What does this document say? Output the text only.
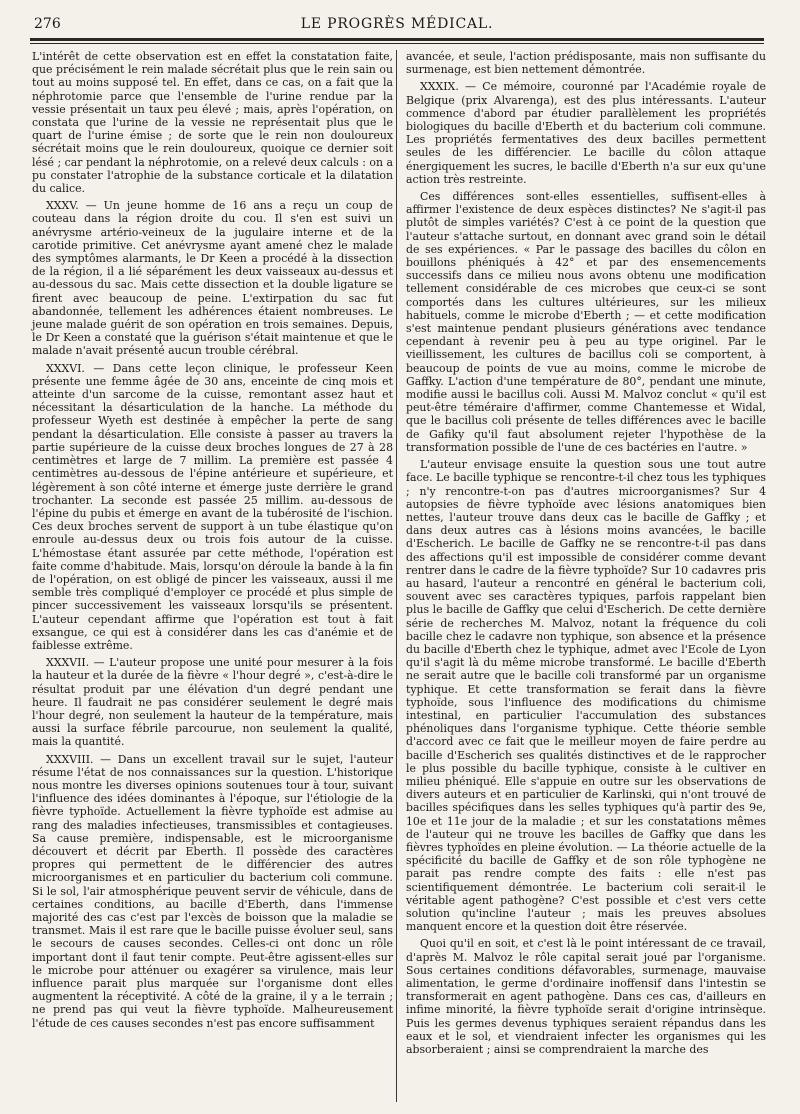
276	LE PROGRÈS MÉDICAL.

L'intérêt de cette observation est en effet la constatation faite, que précisément le rein malade sécrétait plus que le rein sain ou tout au moins supposé tel. En effet, dans ce cas, on a fait que la néphrotomie parce que l'ensemble de l'urine rendue par la vessie présentait un taux peu élevé ; mais, après l'opération, on constata que l'urine de la vessie ne représentait plus que le quart de l'urine émise ; de sorte que le rein non douloureux sécrétait moins que le rein douloureux, quoique ce dernier soit lésé ; car pendant la néphrotomie, on a relevé deux calculs : on a pu constater l'atrophie de la substance corticale et la dilatation du calice.

XXXV. — Un jeune homme de 16 ans a reçu un coup de couteau dans la région droite du cou. Il s'en est suivi un anévrysme artério-veineux de la jugulaire interne et de la carotide primitive. Cet anévrysme ayant amené chez le malade des symptômes alarmants, le Dr Keen a procédé à la dissection de la région, il a lié séparément les deux vaisseaux au-dessus et au-dessous du sac. Mais cette dissection et la double ligature se firent avec beaucoup de peine. L'extirpation du sac fut abandonnée, tellement les adhérences étaient nombreuses. Le jeune malade guérit de son opération en trois semaines. Depuis, le Dr Keen a constaté que la guérison s'était maintenue et que le malade n'avait présenté aucun trouble cérébral.

XXXVI. — Dans cette leçon clinique, le professeur Keen présente une femme âgée de 30 ans, enceinte de cinq mois et atteinte d'un sarcome de la cuisse, remontant assez haut et nécessitant la désarticulation de la hanche. La méthode du professeur Wyeth est destinée à empêcher la perte de sang pendant la désarticulation. Elle consiste à passer au travers la partie supérieure de la cuisse deux broches longues de 27 à 28 centimètres et large de 7 millim. La première est passée 4 centimètres au-dessous de l'épine antérieure et supérieure, et légèrement à son côté interne et émerge juste derrière le grand trochanter. La seconde est passée 25 millim. au-dessous de l'épine du pubis et émerge en avant de la tubérosité de l'ischion. Ces deux broches servent de support à un tube élastique qu'on enroule au-dessus deux ou trois fois autour de la cuisse. L'hémostase étant assurée par cette méthode, l'opération est faite comme d'habitude. Mais, lorsqu'on déroule la bande à la fin de l'opération, on est obligé de pincer les vaisseaux, aussi il me semble très compliqué d'employer ce procédé et plus simple de pincer successivement les vaisseaux lorsqu'ils se présentent. L'auteur cependant affirme que l'opération est tout à fait exsangue, ce qui est à considérer dans les cas d'anémie et de faiblesse extrême.

XXXVII. — L'auteur propose une unité pour mesurer à la fois la hauteur et la durée de la fièvre « l'hour degré », c'est-à-dire le résultat produit par une élévation d'un degré pendant une heure. Il faudrait ne pas considérer seulement le degré mais l'hour degré, non seulement la hauteur de la température, mais aussi la surface fébrile parcourue, non seulement la qualité, mais la quantité.

XXXVIII. — Dans un excellent travail sur le sujet, l'auteur résume l'état de nos connaissances sur la question. L'historique nous montre les diverses opinions soutenues tour à tour, suivant l'influence des idées dominantes à l'époque, sur l'étiologie de la fièvre typhoïde. Actuellement la fièvre typhoïde est admise au rang des maladies infectieuses, transmissibles et contagieuses. Sa cause première, indispensable, est le microorganisme découvert et décrit par Eberth. Il possède des caractères propres qui permettent de le différencier des autres microorganismes et en particulier du bacterium coli commune. Si le sol, l'air atmosphérique peuvent servir de véhicule, dans de certaines conditions, au bacille d'Eberth, dans l'immense majorité des cas c'est par l'excès de boisson que la maladie se transmet. Mais il est rare que le bacille puisse évoluer seul, sans le secours de causes secondes. Celles-ci ont donc un rôle important dont il faut tenir compte. Peut-être agissent-elles sur le microbe pour atténuer ou exagérer sa virulence, mais leur influence parait plus marquée sur l'organisme dont elles augmentent la réceptivité. A côté de la graine, il y a le terrain ; ne prend pas qui veut la fièvre typhoïde. Malheureusement l'étude de ces causes secondes n'est pas encore suffisamment

avancée, et seule, l'action prédisposante, mais non suffisante du surmenage, est bien nettement démontrée.

XXXIX. — Ce mémoire, couronné par l'Académie royale de Belgique (prix Alvarenga), est des plus intéressants. L'auteur commence d'abord par étudier parallèlement les propriétés biologiques du bacille d'Eberth et du bacterium coli commune. Les propriétés fermentatives des deux bacilles permettent seules de les différencier. Le bacille du côlon attaque énergiquement les sucres, le bacille d'Eberth n'a sur eux qu'une action très restreinte.

Ces différences sont-elles essentielles, suffisent-elles à affirmer l'existence de deux espèces distinctes? Ne s'agit-il pas plutôt de simples variétés? C'est à ce point de la question que l'auteur s'attache surtout, en donnant avec grand soin le détail de ses expériences. « Par le passage des bacilles du côlon en bouillons phéniqués à 42° et par des ensemencements successifs dans ce milieu nous avons obtenu une modification tellement considérable de ces microbes que ceux-ci se sont comportés dans les cultures ultérieures, sur les milieux habituels, comme le microbe d'Eberth ; — et cette modification s'est maintenue pendant plusieurs générations avec tendance cependant à revenir peu à peu au type originel. Par le vieillissement, les cultures de bacillus coli se comportent, à beaucoup de points de vue au moins, comme le microbe de Gaffky. L'action d'une température de 80°, pendant une minute, modifie aussi le bacillus coli. Aussi M. Malvoz conclut « qu'il est peut-être téméraire d'affirmer, comme Chantemesse et Widal, que le bacillus coli présente de telles différences avec le bacille de Gafiky qu'il faut absolument rejeter l'hypothèse de la transformation possible de l'une de ces bactéries en l'autre. »

L'auteur envisage ensuite la question sous une tout autre face. Le bacille typhique se rencontre-t-il chez tous les typhiques ; n'y rencontre-t-on pas d'autres microorganismes? Sur 4 autopsies de fièvre typhoïde avec lésions anatomiques bien nettes, l'auteur trouve dans deux cas le bacille de Gaffky ; et dans deux autres cas à lésions moins avancées, le bacille d'Escherich. Le bacille de Gaffky ne se rencontre-t-il pas dans des affections qu'il est impossible de considérer comme devant rentrer dans le cadre de la fièvre typhoïde? Sur 10 cadavres pris au hasard, l'auteur a rencontré en général le bacterium coli, souvent avec ses caractères typiques, parfois rappelant bien plus le bacille de Gaffky que celui d'Escherich. De cette dernière série de recherches M. Malvoz, notant la fréquence du coli bacille chez le cadavre non typhique, son absence et la présence du bacille d'Eberth chez le typhique, admet avec l'Ecole de Lyon qu'il s'agit là du même microbe transformé. Le bacille d'Eberth ne serait autre que le bacille coli transformé par un organisme typhique. Et cette transformation se ferait dans la fièvre typhoïde, sous l'influence des modifications du chimisme intestinal, en particulier l'accumulation des substances phénoliques dans l'organisme typhique. Cette théorie semble d'accord avec ce fait que le meilleur moyen de faire perdre au bacille d'Escherich ses qualités distinctives et de le rapprocher le plus possible du bacille typhique, consiste à le cultiver en milieu phéniqué. Elle s'appuie en outre sur les observations de divers auteurs et en particulier de Karlinski, qui n'ont trouvé de bacilles spécifiques dans les selles typhiques qu'à partir des 9e, 10e et 11e jour de la maladie ; et sur les constatations mêmes de l'auteur qui ne trouve les bacilles de Gaffky que dans les fièvres typhoïdes en pleine évolution. — La théorie actuelle de la spécificité du bacille de Gaffky et de son rôle typhogène ne parait pas rendre compte des faits : elle n'est pas scientifiquement démontrée. Le bacterium coli serait-il le véritable agent pathogène? C'est possible et c'est vers cette solution qu'incline l'auteur ; mais les preuves absolues manquent encore et la question doit être réservée.

Quoi qu'il en soit, et c'est là le point intéressant de ce travail, d'après M. Malvoz le rôle capital serait joué par l'organisme. Sous certaines conditions défavorables, surmenage, mauvaise alimentation, le germe d'ordinaire inoffensif dans l'intestin se transformerait en agent pathogène. Dans ces cas, d'ailleurs en infime minorité, la fièvre typhoïde serait d'origine intrinsèque. Puis les germes devenus typhiques seraient répandus dans les eaux et le sol, et viendraient infecter les organismes qui les absorberaient ; ainsi se comprendraient la marche des
